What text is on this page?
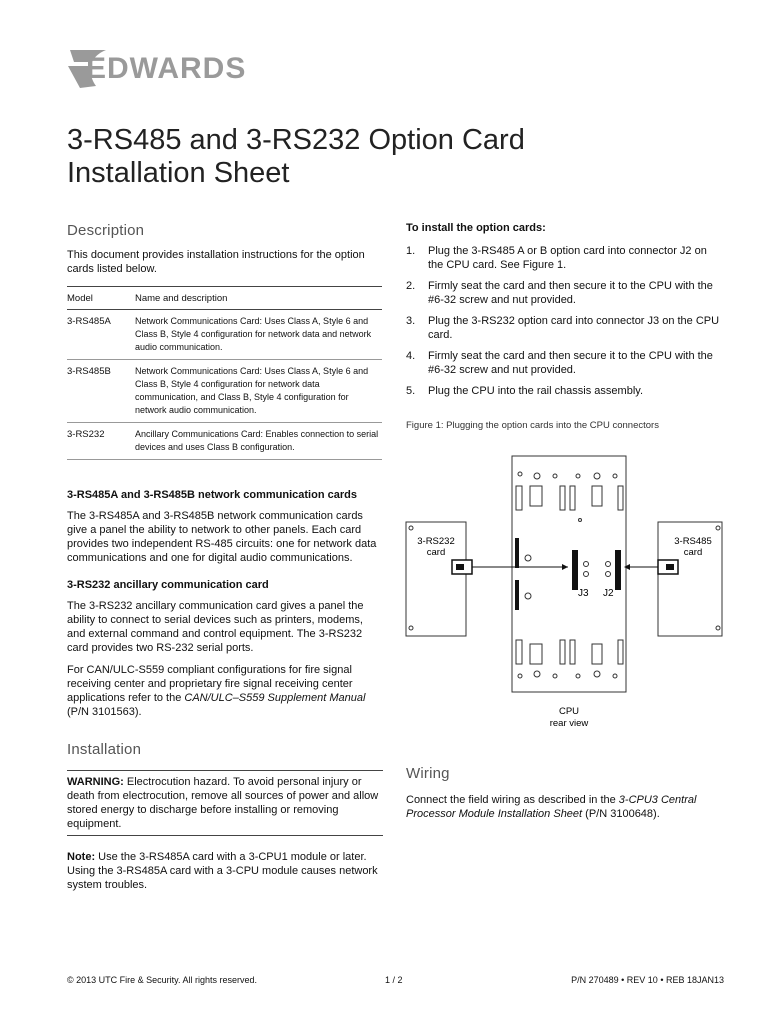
EDWARDS
3-RS485 and 3-RS232 Option Card
Installation Sheet
Description

This document provides installation instructions for the option cards listed below.

Model	Name and description
3-RS485A	Network Communications Card: Uses Class A, Style 6 and Class B, Style 4 configuration for network data and network audio communication.
3-RS485B	Network Communications Card: Uses Class A, Style 6 and Class B, Style 4 configuration for network data communication, and Class B, Style 4 configuration for network audio communication.
3-RS232	Ancillary Communications Card: Enables connection to serial devices and uses Class B configuration.

3-RS485A and 3-RS485B network communication cards

The 3-RS485A and 3-RS485B network communication cards give a panel the ability to network to other panels. Each card provides two independent RS-485 circuits: one for network data communications and one for digital audio communications.

3-RS232 ancillary communication card

The 3-RS232 ancillary communication card gives a panel the ability to connect to serial devices such as printers, modems, and external command and control equipment. The 3-RS232 card provides two RS-232 serial ports.

For CAN/ULC-S559 compliant configurations for fire signal receiving center and proprietary fire signal receiving center applications refer to the CAN/ULC–S559 Supplement Manual (P/N 3101563).

Installation

WARNING: Electrocution hazard. To avoid personal injury or death from electrocution, remove all sources of power and allow stored energy to discharge before installing or removing equipment.

Note: Use the 3-RS485A card with a 3-CPU1 module or later. Using the 3-RS485A card with a 3-CPU module causes network system troubles.

To install the option cards:

1.	Plug the 3-RS485 A or B option card into connector J2 on the CPU card. See Figure 1.
2.	Firmly seat the card and then secure it to the CPU with the #6-32 screw and nut provided.
3.	Plug the 3-RS232 option card into connector J3 on the CPU card.
4.	Firmly seat the card and then secure it to the CPU with the #6-32 screw and nut provided.
5.	Plug the CPU into the rail chassis assembly.
Figure 1: Plugging the option cards into the CPU connectors
J3 J2
3-RS232
card
3-RS485
card
CPU
rear view
Wiring

Connect the field wiring as described in the 3-CPU3 Central Processor Module Installation Sheet (P/N 3100648).

© 2013 UTC Fire & Security. All rights reserved.	1 / 2	P/N 270489 • REV 10 • REB 18JAN13
